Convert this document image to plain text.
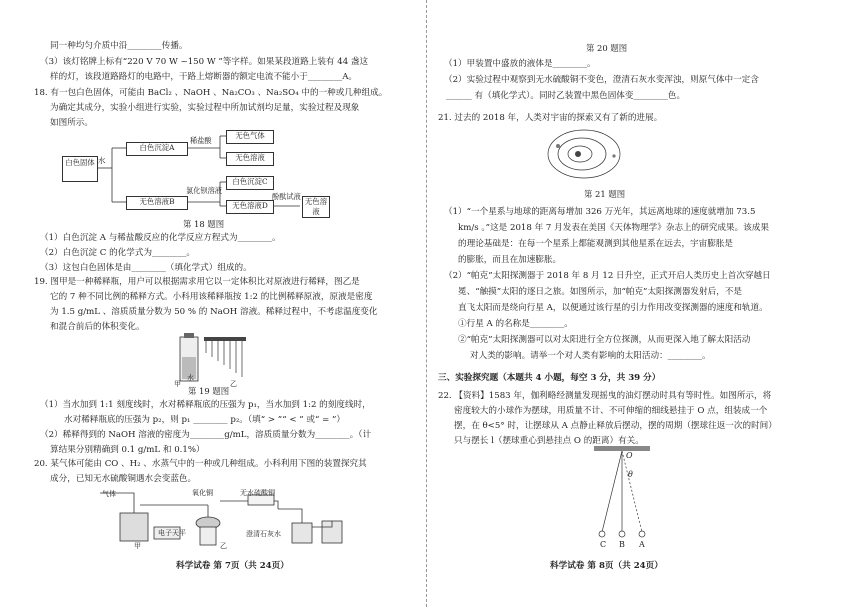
同一种均匀介质中沿________传播。
（3）该灯铭牌上标有“220 V 70 W ~150 W ”等字样。如果某段道路上装有 44 盏这
样的灯，该段道路路灯的电路中，干路上熔断器的额定电流不能小于________A。
18. 有一包白色固体，可能由 BaCl₂ 、NaOH 、Na₂CO₃ 、Na₂SO₄ 中的一种或几种组成。
为确定其成分，实验小组进行实验，实验过程中所加试剂均足量，实验过程及现象
如图所示。
白色固体 水
白色沉淀A
稀盐酸
无色气体
无色溶液
无色溶液B
氯化钡溶液
白色沉淀C
无色溶液D
酚酞试液
无色溶液
第 18 题图
（1）白色沉淀 A 与稀盐酸反应的化学反应方程式为________。
（2）白色沉淀 C 的化学式为________。
（3）这包白色固体是由________（填化学式）组成的。
19. 图甲是一种稀释瓶，用户可以根据需求用它以一定体积比对原液进行稀释，图乙是
它的 7 种不同比例的稀释方式。小科用该稀释瓶按 1:2 的比例稀释原液，原液是密度
为 1.5 g/mL 、溶质质量分数为 50 % 的 NaOH 溶液。稀释过程中，不考虑温度变化
和混合前后的体积变化。
水
甲	乙
第 19 题图
（1）当水加到 1:1 刻度线时，水对稀释瓶底的压强为 p₁，当水加到 1:2 的刻度线时，
水对稀释瓶底的压强为 p₂，则 p₁ ________ p₂。（填“ > ”“ < ” 或“ = ”）
（2）稀释得到的 NaOH 溶液的密度为________g/mL，溶质质量分数为________。（计
算结果分别精确到 0.1 g/mL 和 0.1%）
20. 某气体可能由 CO 、H₂ 、水蒸气中的一种或几种组成。小科利用下图的装置探究其
成分，已知无水硫酸铜遇水会变蓝色。
气体	氧化铜	无水硫酸铜
电子天平	澄清石灰水
甲	乙
科学试卷 第 7页（共 24页）
第 20 题图
（1）甲装置中盛放的液体是________。
（2）实验过程中观察到无水硫酸铜不变色，澄清石灰水变浑浊，则原气体中一定含
______ 有（填化学式）。同时乙装置中黑色固体变________色。
21. 过去的 2018 年，人类对宇宙的探索又有了新的进展。
第 21 题图
（1）“一个星系与地球的距离每增加 326 万光年，其远离地球的速度就增加 73.5
km/s 。”这是 2018 年 7 月发表在美国《天体物理学》杂志上的研究成果。该成果
的理论基础是：在每一个星系上都能观测到其他星系在远去，宇宙膨胀是
的膨胀，而且在加速膨胀。
（2）“帕克”太阳探测器于 2018 年 8 月 12 日升空，正式开启人类历史上首次穿越日
冕、“触摸”太阳的逐日之旅。如图所示，加“帕克”太阳探测器发射后，不是
直飞太阳而是绕向行星 A，以便通过该行星的引力作用改变探测器的速度和轨道。
①行星 A 的名称是________。
②“帕克”太阳探测器可以对太阳进行全方位探测，从而更深入地了解太阳活动
对人类的影响。请举一个对人类有影响的太阳活动：________。
三、实验探究题（本题共 4 小题，每空 3 分，共 39 分）
22. 【资料】1583 年，伽利略经测量发现摇曳的油灯摆动时具有等时性。如图所示，将
密度较大的小球作为摆球，用质量不计、不可伸缩的细线悬挂于 O 点，组装成一个
摆，在 θ<5° 时，让摆球从 A 点静止释放后摆动，摆的周期（摆球往返一次的时间）
只与摆长 l（摆球重心到悬挂点 O 的距离）有关。
O
θ
C B A
科学试卷 第 8页（共 24页）
